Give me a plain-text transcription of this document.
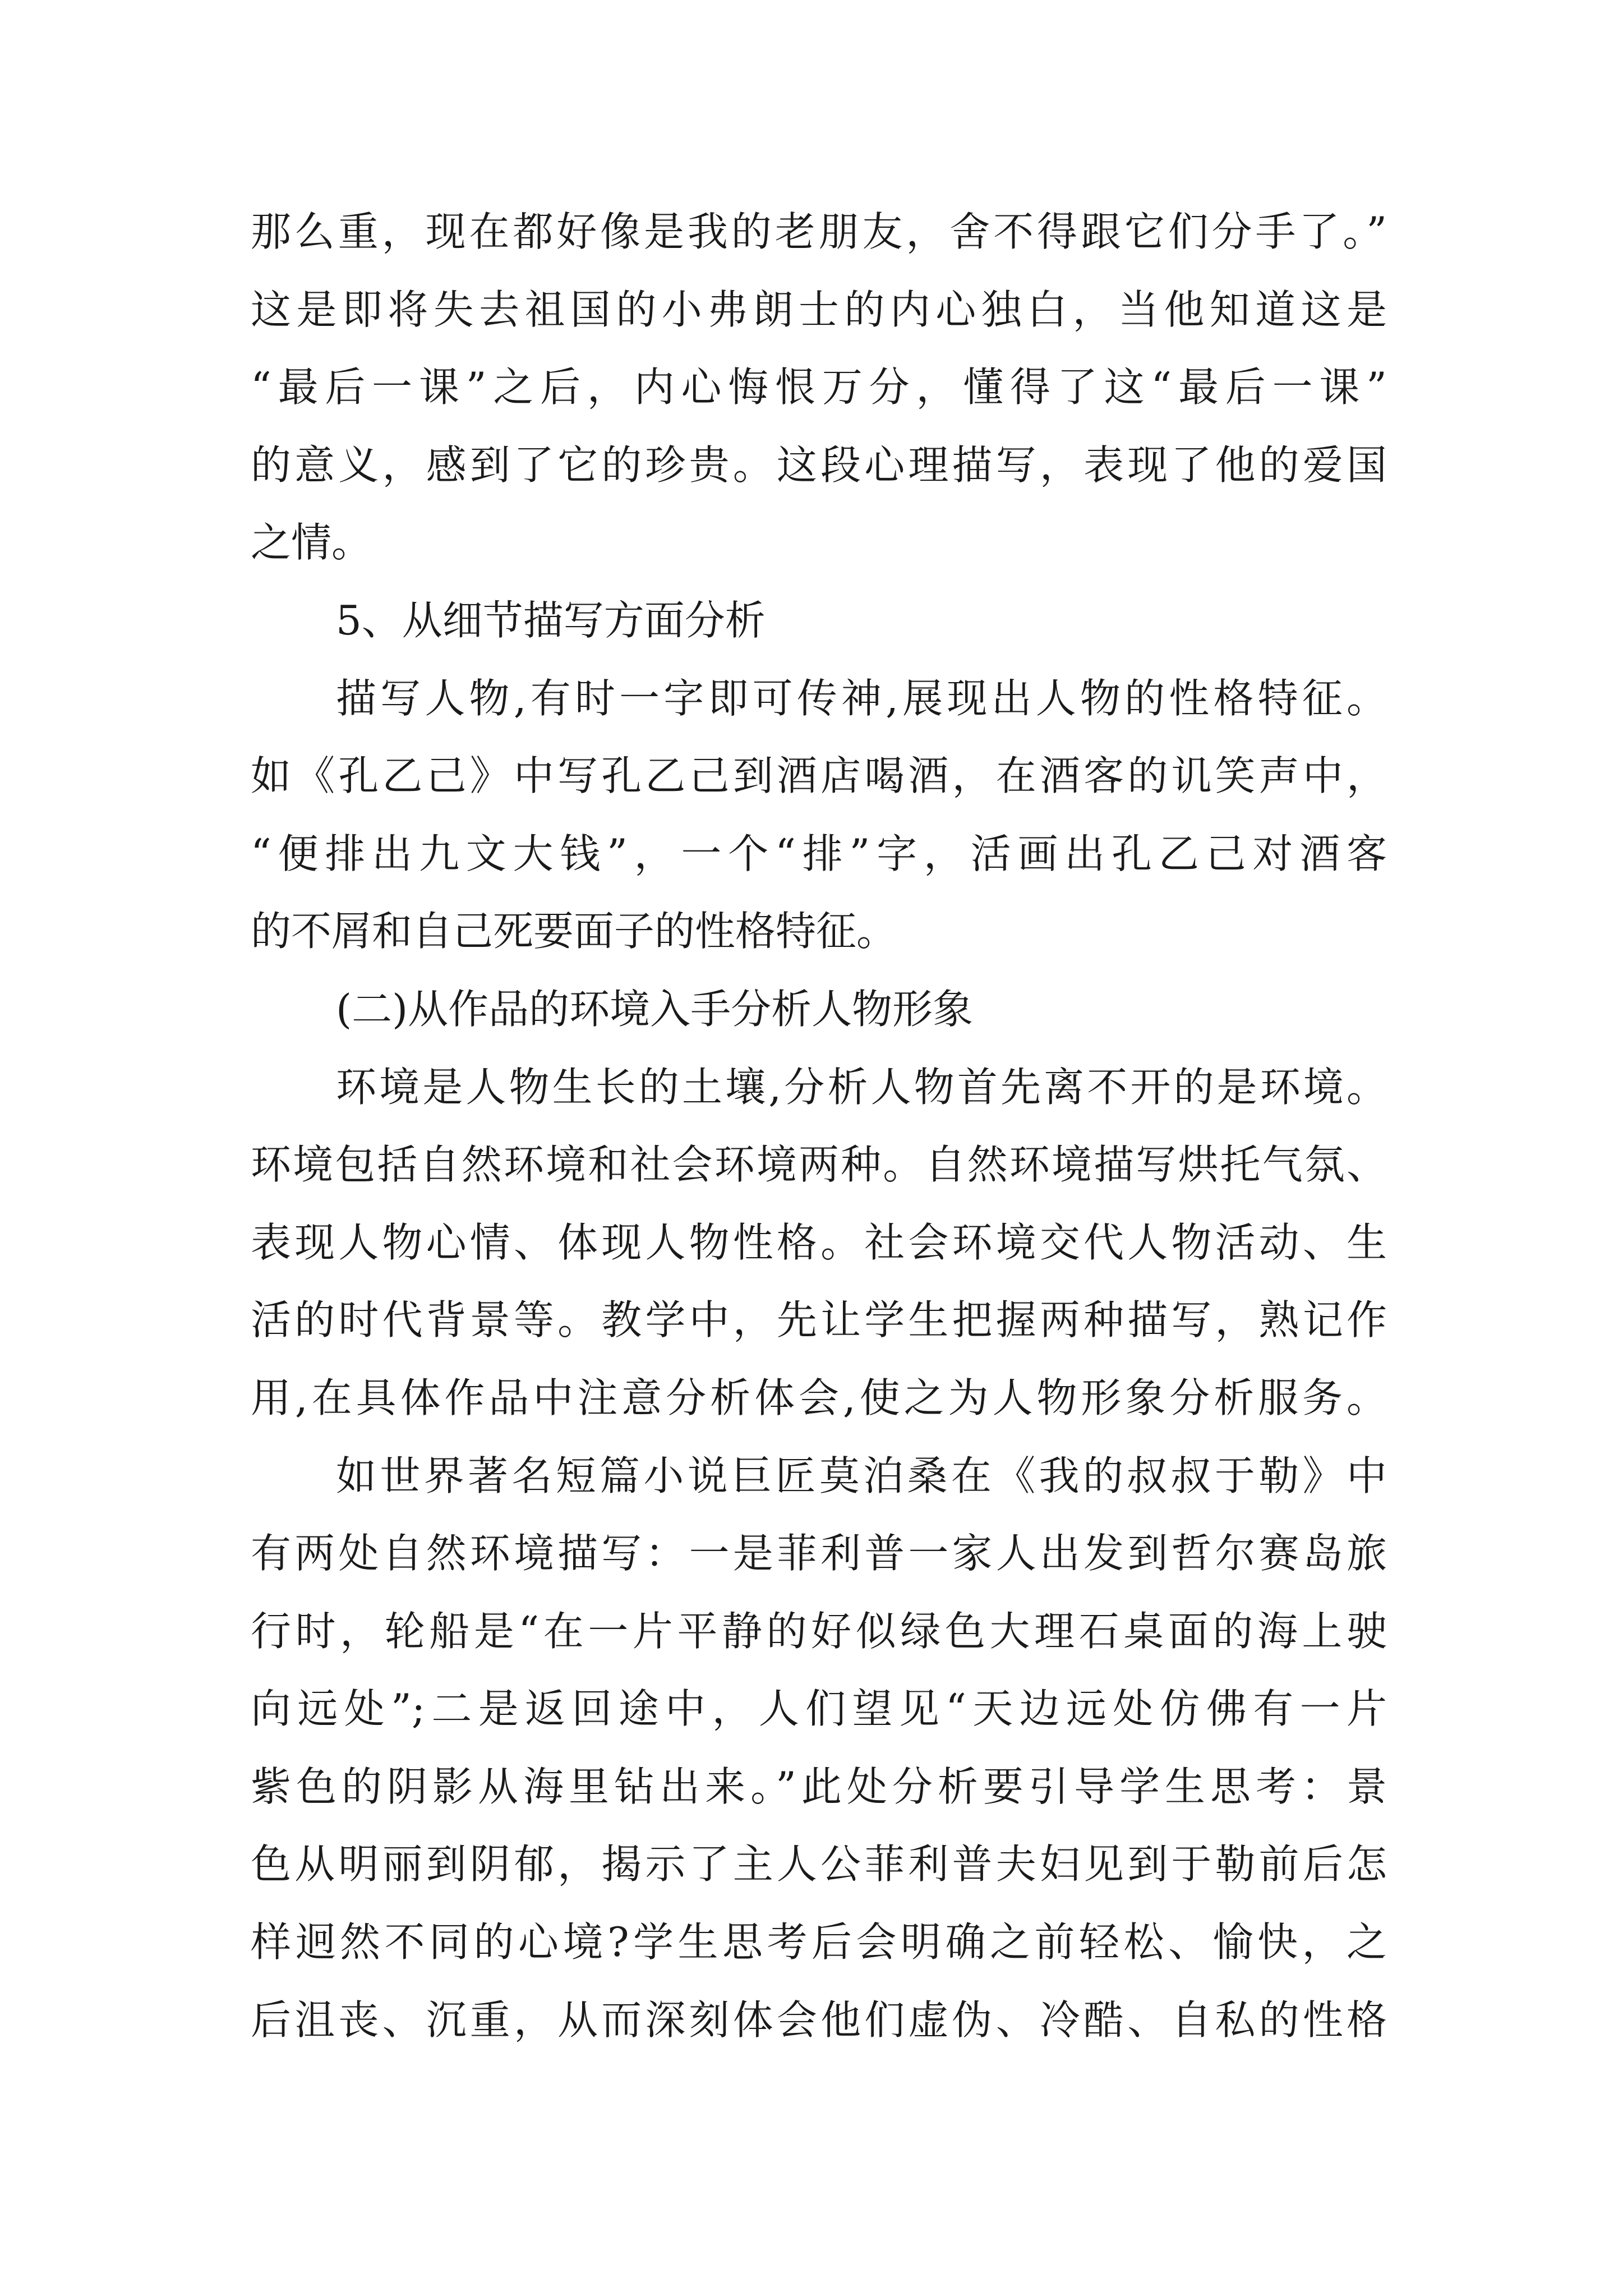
那么重，现在都好像是我的老朋友，舍不得跟它们分手了。”
这是即将失去祖国的小弗朗士的内心独白，当他知道这是
“最后一课”之后，内心悔恨万分，懂得了这“最后一课”
的意义，感到了它的珍贵。这段心理描写，表现了他的爱国
之情。
5、从细节描写方面分析
描写人物,有时一字即可传神,展现出人物的性格特征。
如《孔乙己》中写孔乙己到酒店喝酒，在酒客的讥笑声中，
“便排出九文大钱”，一个“排”字，活画出孔乙己对酒客
的不屑和自己死要面子的性格特征。
(二)从作品的环境入手分析人物形象
环境是人物生长的土壤,分析人物首先离不开的是环境。
环境包括自然环境和社会环境两种。自然环境描写烘托气氛、
表现人物心情、体现人物性格。社会环境交代人物活动、生
活的时代背景等。教学中，先让学生把握两种描写，熟记作
用,在具体作品中注意分析体会,使之为人物形象分析服务。
如世界著名短篇小说巨匠莫泊桑在《我的叔叔于勒》中
有两处自然环境描写：一是菲利普一家人出发到哲尔赛岛旅
行时，轮船是“在一片平静的好似绿色大理石桌面的海上驶
向远处”;二是返回途中，人们望见“天边远处仿佛有一片
紫色的阴影从海里钻出来。”此处分析要引导学生思考：景
色从明丽到阴郁，揭示了主人公菲利普夫妇见到于勒前后怎
样迥然不同的心境?学生思考后会明确之前轻松、愉快，之
后沮丧、沉重，从而深刻体会他们虚伪、冷酷、自私的性格
